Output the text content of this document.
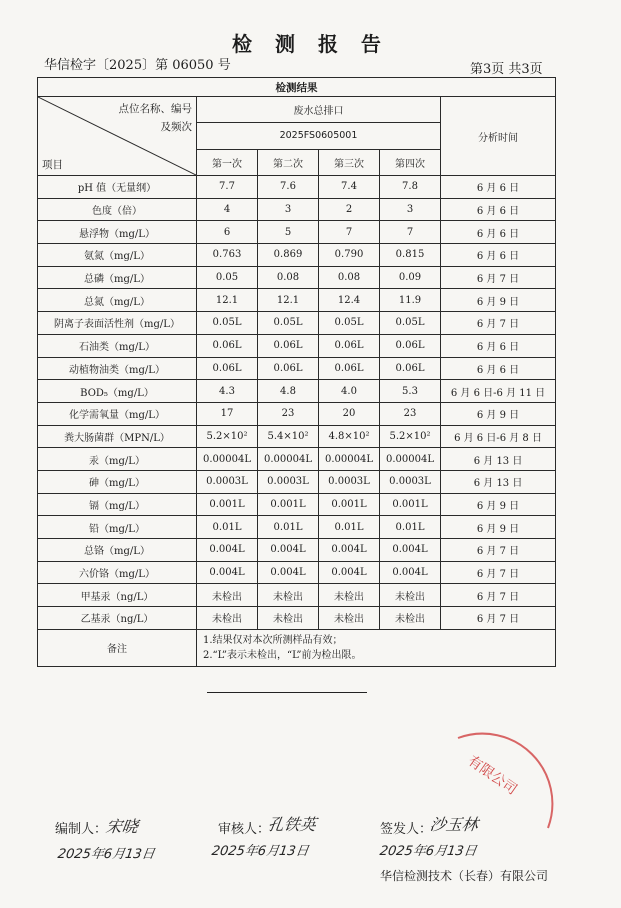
检 测 报 告
华信检字〔2025〕第 06050 号	第3页 共3页
检测结果					

点位名称、编号
及频次
项目	废水总排口				分析时间
	2025FS0605001				
	第一次	第二次	第三次	第四次	
pH 值（无量纲）	7.7	7.6	7.4	7.8	6 月 6 日
色度（倍）	4	3	2	3	6 月 6 日
悬浮物（mg/L）	6	5	7	7	6 月 6 日
氨氮（mg/L）	0.763	0.869	0.790	0.815	6 月 6 日
总磷（mg/L）	0.05	0.08	0.08	0.09	6 月 7 日
总氮（mg/L）	12.1	12.1	12.4	11.9	6 月 9 日
阴离子表面活性剂（mg/L）	0.05L	0.05L	0.05L	0.05L	6 月 7 日
石油类（mg/L）	0.06L	0.06L	0.06L	0.06L	6 月 6 日
动植物油类（mg/L）	0.06L	0.06L	0.06L	0.06L	6 月 6 日
BOD₅（mg/L）	4.3	4.8	4.0	5.3	6 月 6 日-6 月 11 日
化学需氧量（mg/L）	17	23	20	23	6 月 9 日
粪大肠菌群（MPN/L）	5.2×10²	5.4×10²	4.8×10²	5.2×10²	6 月 6 日-6 月 8 日
汞（mg/L）	0.00004L	0.00004L	0.00004L	0.00004L	6 月 13 日
砷（mg/L）	0.0003L	0.0003L	0.0003L	0.0003L	6 月 13 日
镉（mg/L）	0.001L	0.001L	0.001L	0.001L	6 月 9 日
铅（mg/L）	0.01L	0.01L	0.01L	0.01L	6 月 9 日
总铬（mg/L）	0.004L	0.004L	0.004L	0.004L	6 月 7 日
六价铬（mg/L）	0.004L	0.004L	0.004L	0.004L	6 月 7 日
甲基汞（ng/L）	未检出	未检出	未检出	未检出	6 月 7 日
乙基汞（ng/L）	未检出	未检出	未检出	未检出	6 月 7 日
备注	1.结果仅对本次所测样品有效；
2.“L”表示未检出，“L”前为检出限。				
有限公司
编制人：
宋晓
2025年6月13日
审核人：
孔铁英
2025年6月13日
签发人：
沙玉林
2025年6月13日
华信检测技术（长春）有限公司
